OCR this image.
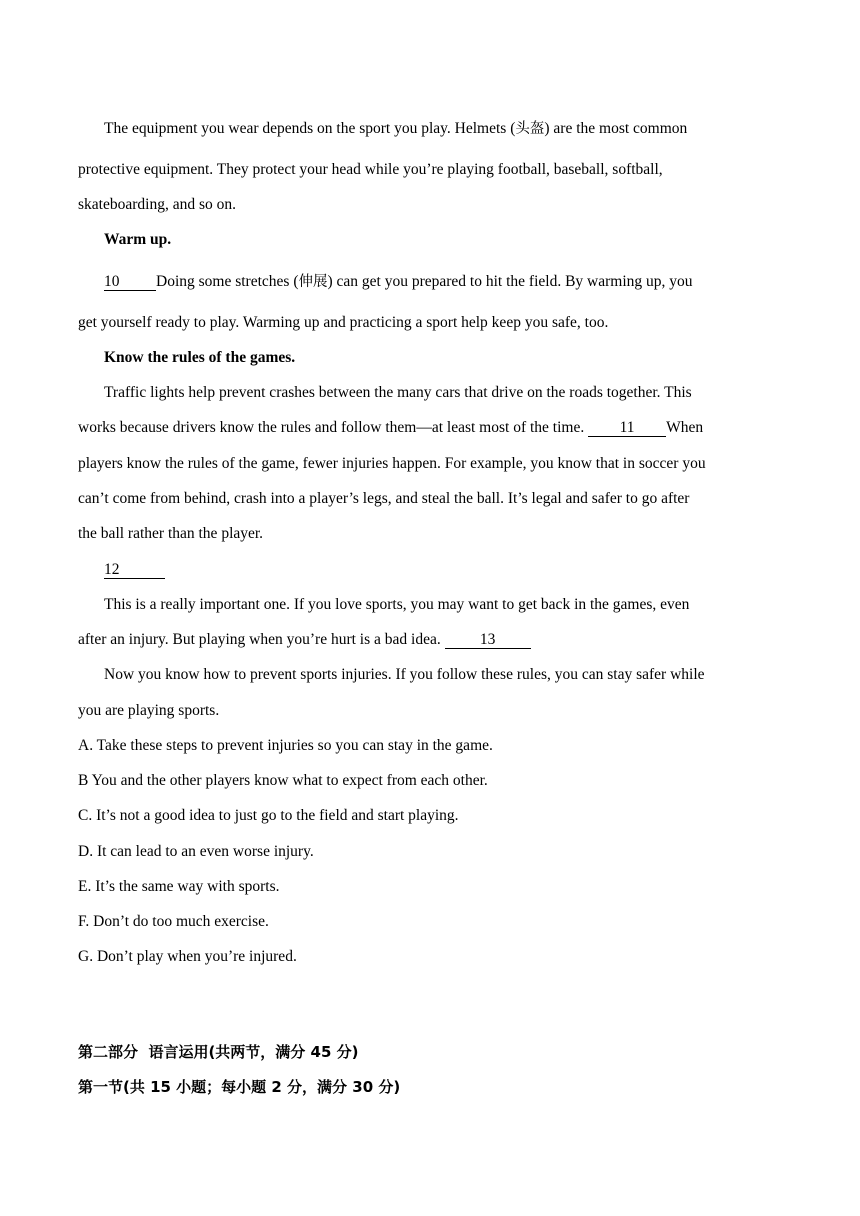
The equipment you wear depends on the sport you play. Helmets (头盔) are the most common
protective equipment. They protect your head while you’re playing football, baseball, softball,
skateboarding, and so on.
Warm up.
10 Doing some stretches (伸展) can get you prepared to hit the field. By warming up, you
get yourself ready to play. Warming up and practicing a sport help keep you safe, too.
Know the rules of the games.
Traffic lights help prevent crashes between the many cars that drive on the roads together. This
works because drivers know the rules and follow them—at least most of the time. 11 When
players know the rules of the game, fewer injuries happen. For example, you know that in soccer you
can’t come from behind, crash into a player’s legs, and steal the ball. It’s legal and safer to go after
the ball rather than the player.
12
This is a really important one. If you love sports, you may want to get back in the games, even
after an injury. But playing when you’re hurt is a bad idea. 13
Now you know how to prevent sports injuries. If you follow these rules, you can stay safer while
you are playing sports.
A. Take these steps to prevent injuries so you can stay in the game.
B You and the other players know what to expect from each other.
C. It’s not a good idea to just go to the field and start playing.
D. It can lead to an even worse injury.
E. It’s the same way with sports.
F. Don’t do too much exercise.
G. Don’t play when you’re injured.
第二部分  语言运用(共两节，满分 45 分)
第一节(共 15 小题；每小题 2 分，满分 30 分)
